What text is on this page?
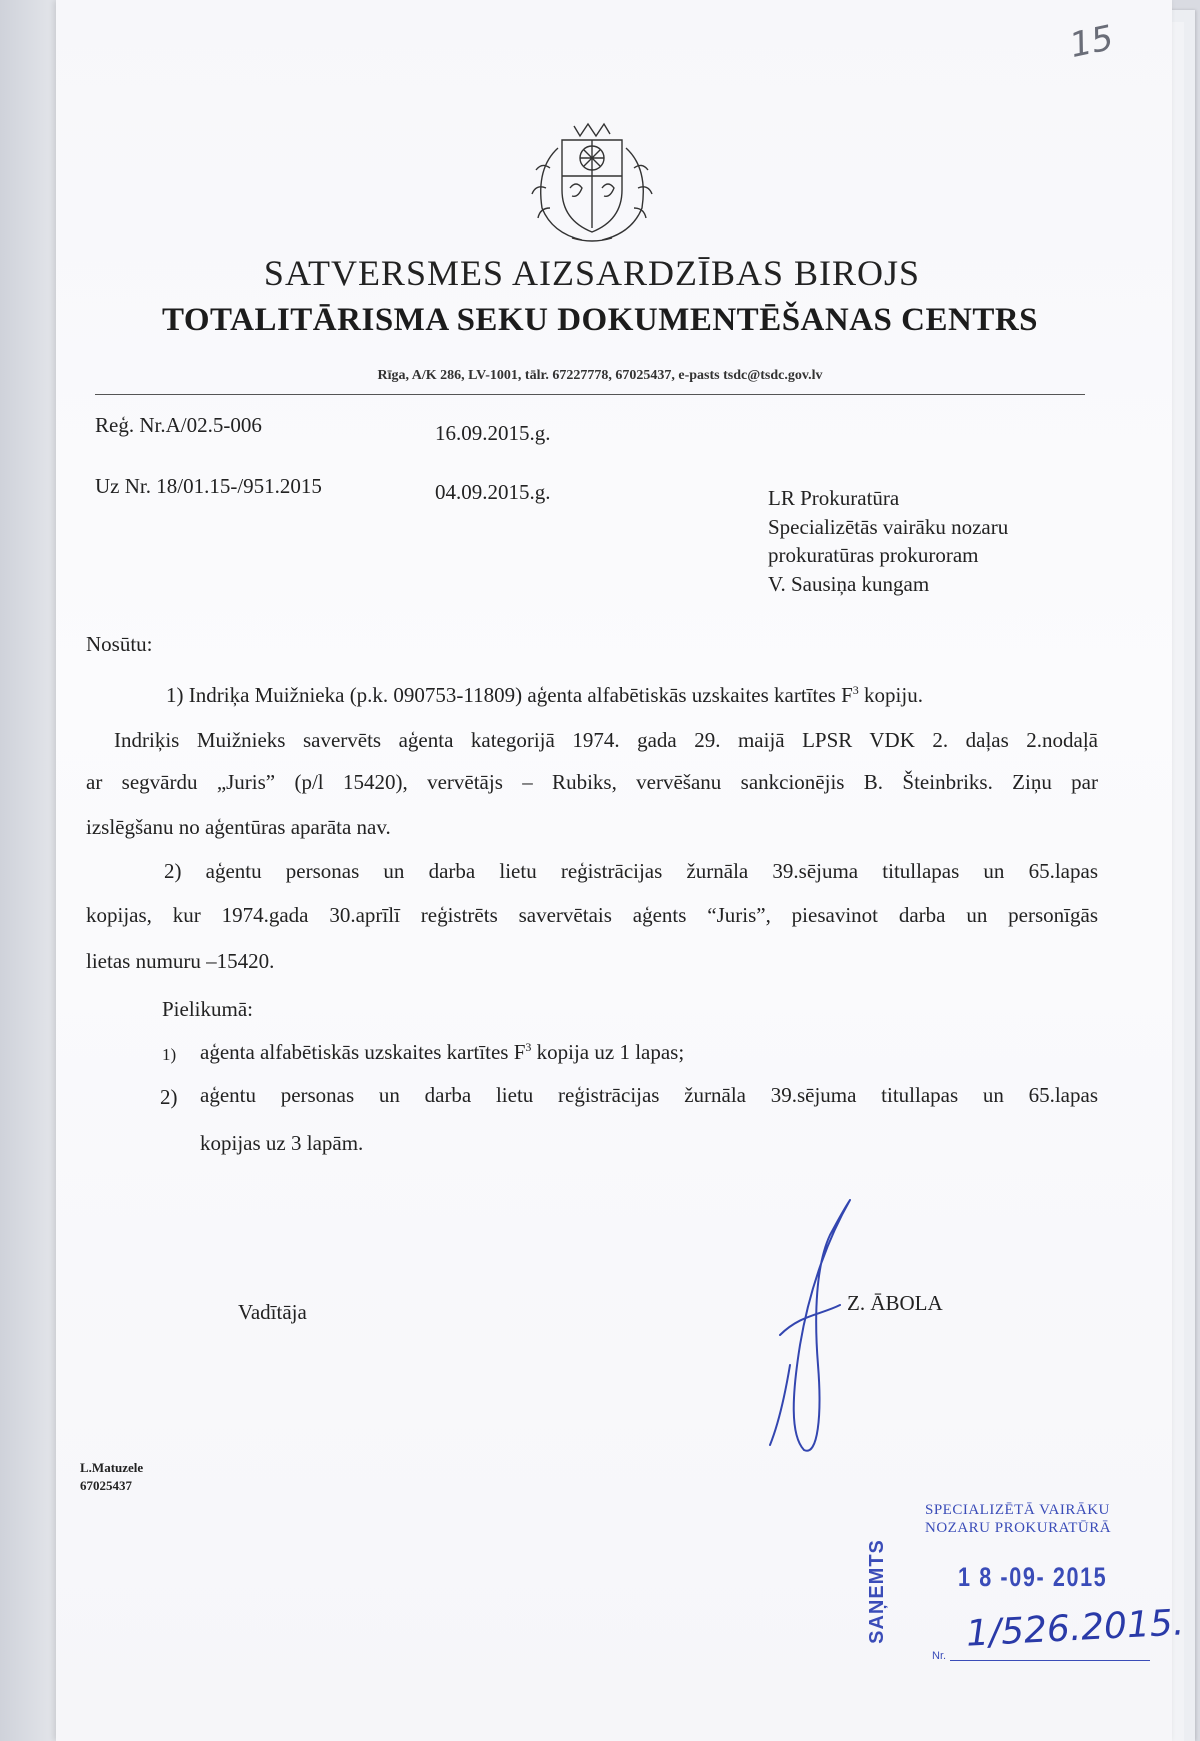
15
SATVERSMES AIZSARDZĪBAS BIROJS
TOTALITĀRISMA SEKU DOKUMENTĒŠANAS CENTRS
Rīga, A/K 286, LV-1001, tālr. 67227778, 67025437, e-pasts tsdc@tsdc.gov.lv
Reģ. Nr.A/02.5-006	16.09.2015.g.
Uz Nr. 18/01.15-/951.2015	04.09.2015.g.	LR Prokuratūra
Specializētās vairāku nozaru
prokuratūras prokuroram
V. Sausiņa kungam
Nosūtu:
1) Indriķa Muižnieka (p.k. 090753-11809) aģenta alfabētiskās uzskaites kartītes $F^3$ kopiju.
Indriķis Muižnieks savervēts aģenta kategorijā 1974. gada 29. maijā LPSR VDK 2. daļas 2.nodaļā
ar segvārdu „Juris” (p/l 15420), vervētājs – Rubiks, vervēšanu sankcionējis B. Šteinbriks. Ziņu par
izslēgšanu no aģentūras aparāta nav.
2) aģentu personas un darba lietu reģistrācijas žurnāla 39.sējuma titullapas un 65.lapas
kopijas, kur 1974.gada 30.aprīlī reģistrēts savervētais aģents “Juris”, piesavinot darba un personīgās
lietas numuru –15420.
Pielikumā:
1)	aģenta alfabētiskās uzskaites kartītes $F^3$ kopija uz 1 lapas;
2)	aģentu personas un darba lietu reģistrācijas žurnāla 39.sējuma titullapas un 65.lapas
kopijas uz 3 lapām.
Vadītāja	Z. ĀBOLA
L.Matuzele
67025437
SAŅEMTS
SPECIALIZĒTĀ VAIRĀKU
NOZARU PROKURATŪRĀ
1 8 -09- 2015
Nr.
1/526.2015.
